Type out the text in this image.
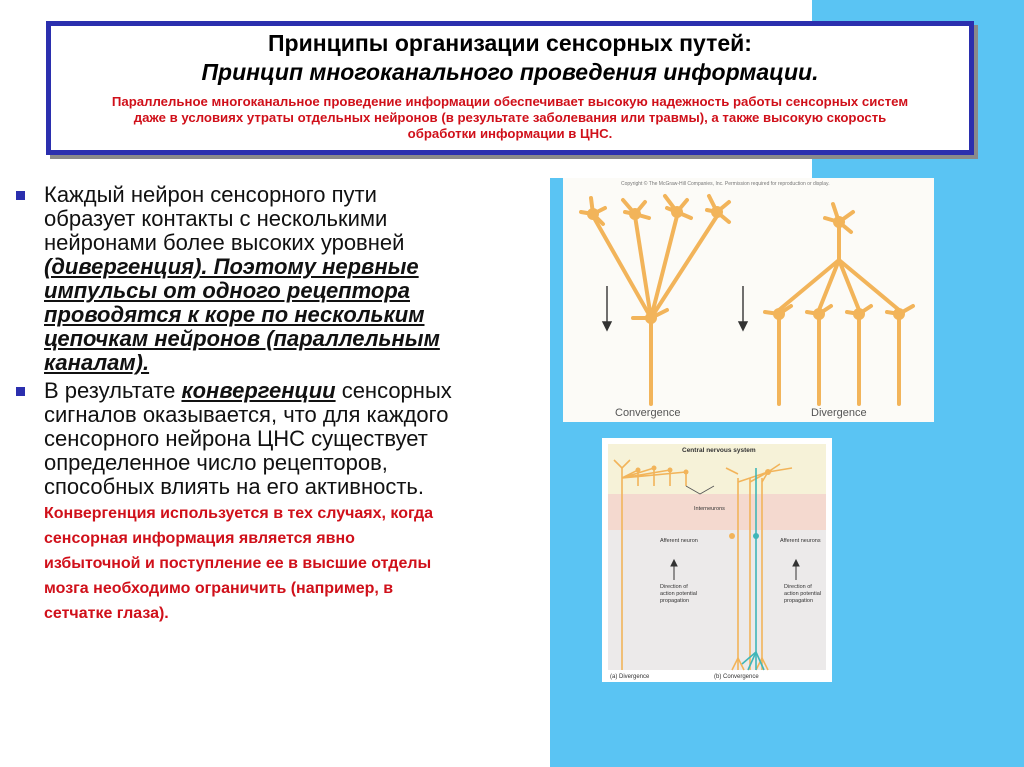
Принципы организации сенсорных путей:
Принцип многоканального проведения информации.
Параллельное многоканальное проведение информации обеспечивает высокую надежность работы сенсорных систем даже в условиях утраты отдельных нейронов (в результате заболевания или травмы), а также высокую скорость обработки информации в ЦНС.
Каждый нейрон сенсорного пути образует контакты с несколькими нейронами более высоких уровней (дивергенция). Поэтому нервные импульсы от одного рецептора проводятся к коре по нескольким цепочкам нейронов (параллельным каналам).
В результате конвергенции сенсорных сигналов оказывается, что для каждого сенсорного нейрона ЦНС существует определенное число рецепторов, способных влиять на его активность. Конвергенция используется в тех случаях, когда сенсорная информация является явно избыточной и поступление ее в высшие отделы мозга необходимо ограничить (например, в сетчатке глаза).
Copyright © The McGraw-Hill Companies, Inc. Permission required for reproduction or display.
Convergence	Divergence
Central nervous system
Interneurons
Afferent neuron	Afferent neurons
Direction of
action potential
propagation
Direction of
action potential
propagation
(a) Divergence	(b) Convergence
